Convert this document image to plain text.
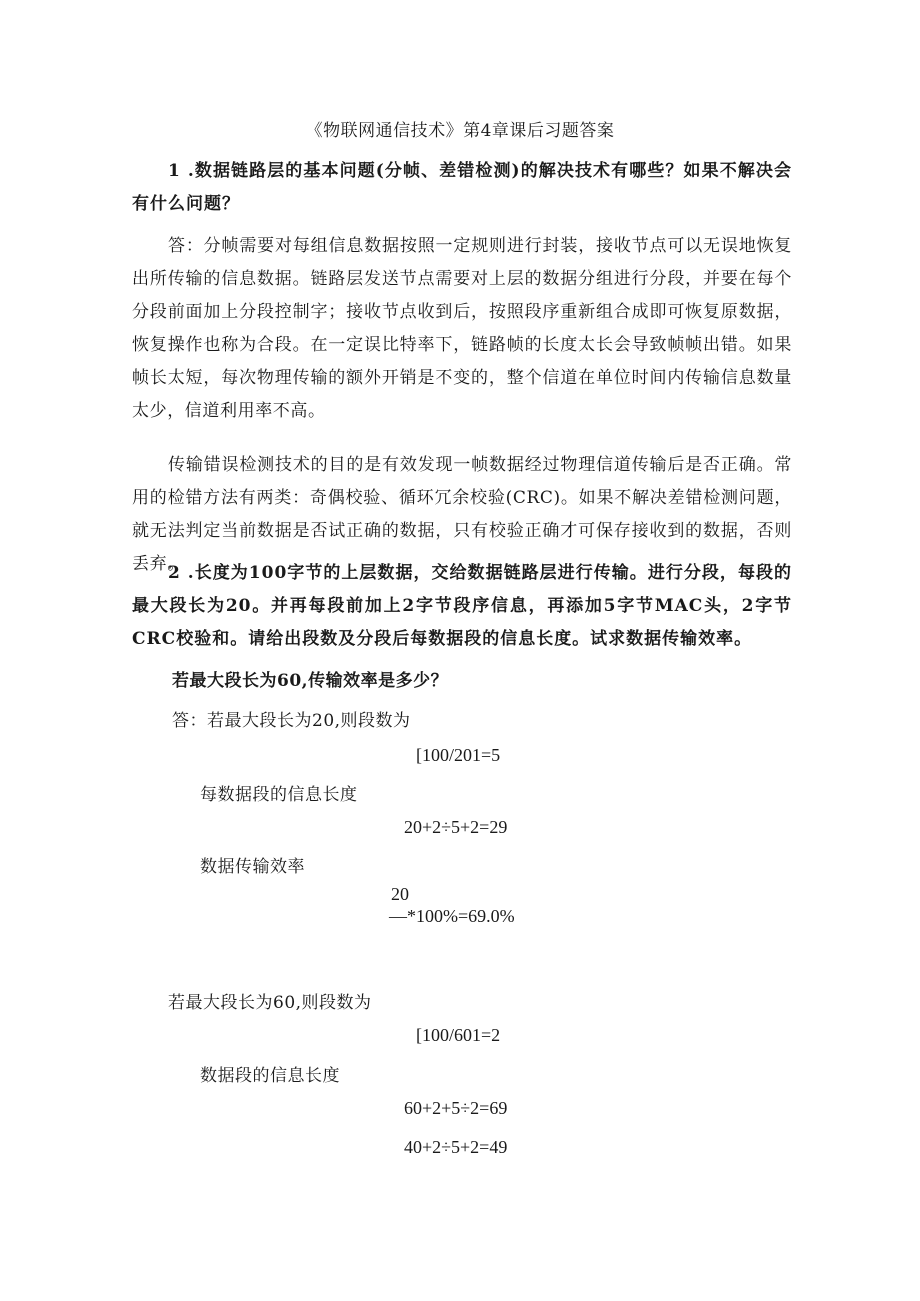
《物联网通信技术》第4章课后习题答案
1 .数据链路层的基本问题(分帧、差错检测)的解决技术有哪些？如果不解决会有什么问题？
答：分帧需要对每组信息数据按照一定规则进行封装，接收节点可以无误地恢复出所传输的信息数据。链路层发送节点需要对上层的数据分组进行分段，并要在每个分段前面加上分段控制字；接收节点收到后，按照段序重新组合成即可恢复原数据，恢复操作也称为合段。在一定误比特率下，链路帧的长度太长会导致帧帧出错。如果帧长太短，每次物理传输的额外开销是不变的，整个信道在单位时间内传输信息数量太少，信道利用率不高。
传输错误检测技术的目的是有效发现一帧数据经过物理信道传输后是否正确。常用的检错方法有两类：奇偶校验、循环冗余校验(CRC)。如果不解决差错检测问题，就无法判定当前数据是否试正确的数据，只有校验正确才可保存接收到的数据，否则丢弃。
2 .长度为100字节的上层数据，交给数据链路层进行传输。进行分段，每段的最大段长为20。并再每段前加上2字节段序信息，再添加5字节MAC头，2字节CRC校验和。请给出段数及分段后每数据段的信息长度。试求数据传输效率。
若最大段长为60,传输效率是多少？
答：若最大段长为20,则段数为
[100/201=5
每数据段的信息长度
20+2÷5+2=29
数据传输效率
20
—*100%=69.0%
若最大段长为60,则段数为
[100/601=2
数据段的信息长度
60+2+5÷2=69
40+2÷5+2=49
